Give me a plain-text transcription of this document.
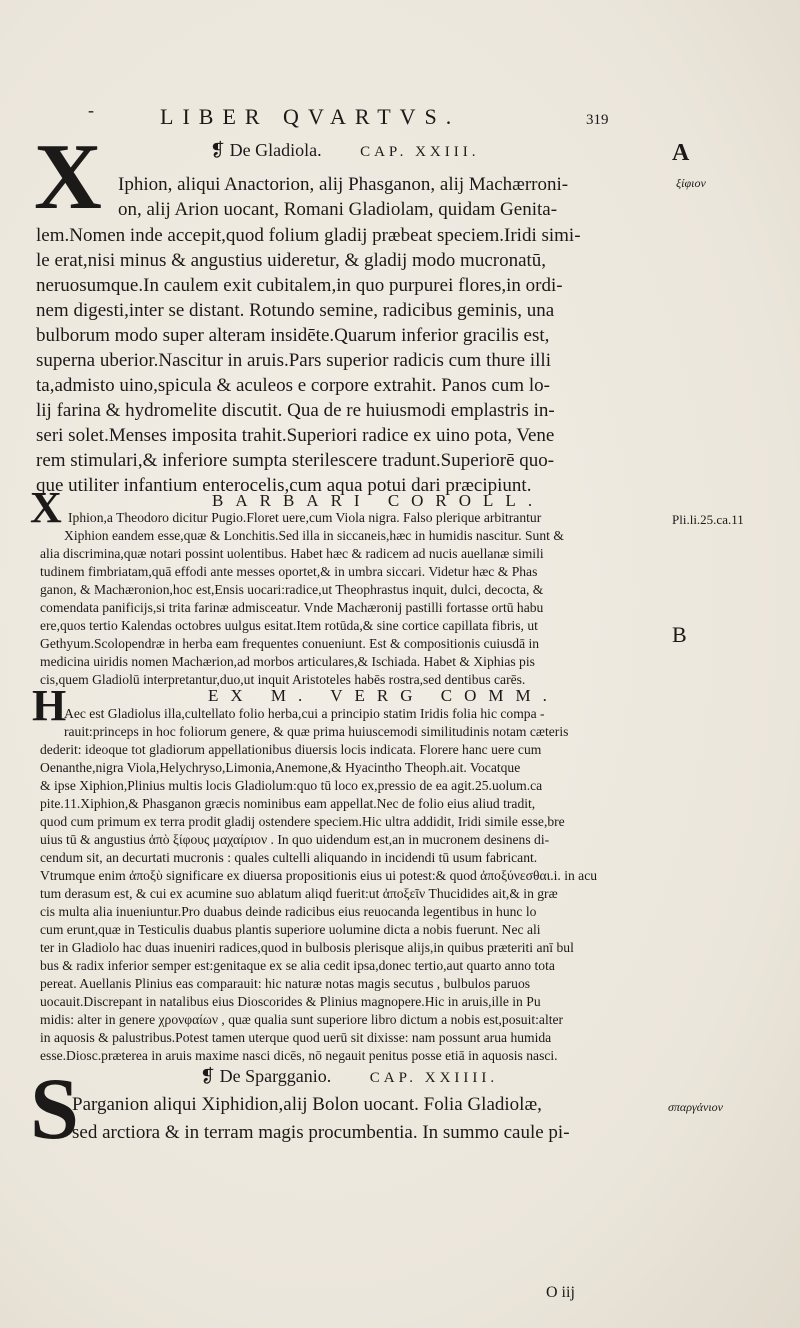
-	LIBER QVARTVS.	319
A
B
ξίφιον
Pli.li.25.ca.11
σπαργάνιον
❡ De Gladiola.	CAP. XXIII.
X Iphion, aliqui Anactorion, alij Phasganon, alij Machærroni-
on, alij Arion uocant, Romani Gladiolam, quidam Genita-
lem.Nomen inde accepit,quod folium gladij præbeat speciem.Iridi simi-
le erat,nisi minus & angustius uideretur, & gladij modo mucronatū,
neruosumque.In caulem exit cubitalem,in quo purpurei flores,in ordi-
nem digesti,inter se distant. Rotundo semine, radicibus geminis, una
bulborum modo super alteram insidēte.Quarum inferior gracilis est,
superna uberior.Nascitur in aruis.Pars superior radicis cum thure illi
ta,admisto uino,spicula & aculeos e corpore extrahit. Panos cum lo-
lij farina & hydromelite discutit. Qua de re huiusmodi emplastris in-
seri solet.Menses imposita trahit.Superiori radice ex uino pota, Vene
rem stimulari,& inferiore sumpta sterilescere tradunt.Superiorē quo-
que utiliter infantium enterocelis,cum aqua potui dari præcipiunt.
BARBARI COROLL.
X Iphion,a Theodoro dicitur Pugio.Floret uere,cum Viola nigra. Falso plerique arbitrantur
Xiphion eandem esse,quæ & Lonchitis.Sed illa in siccaneis,hæc in humidis nascitur. Sunt &
alia discrimina,quæ notari possint uolentibus. Habet hæc & radicem ad nucis auellanæ simili
tudinem fimbriatam,quā effodi ante messes oportet,& in umbra siccari. Videtur hæc & Phas
ganon, & Machæronion,hoc est,Ensis uocari:radice,ut Theophrastus inquit, dulci, decocta, &
comendata panificijs,si trita farinæ admisceatur. Vnde Machæronij pastilli fortasse ortū habu
ere,quos tertio Kalendas octobres uulgus esitat.Item rotūda,& sine cortice capillata fibris, ut
Gethyum.Scolopendræ in herba eam frequentes conueniunt. Est & compositionis cuiusdā in
medicina uiridis nomen Machærion,ad morbos articulares,& Ischiada. Habet & Xiphias pis
cis,quem Gladiolū interpretantur,duo,ut inquit Aristoteles habēs rostra,sed dentibus carēs.
EX M. VERG COMM.
H
Aec est Gladiolus illa,cultellato folio herba,cui a principio statim Iridis folia hic compa -
rauit:princeps in hoc foliorum genere, & quæ prima huiuscemodi similitudinis notam cæteris
dederit: ideoque tot gladiorum appellationibus diuersis locis indicata. Florere hanc uere cum
Oenanthe,nigra Viola,Helychryso,Limonia,Anemone,& Hyacintho Theoph.ait. Vocatque
& ipse Xiphion,Plinius multis locis Gladiolum:quo tū loco ex,pressio de ea agit.25.uolum.ca
pite.11.Xiphion,& Phasganon græcis nominibus eam appellat.Nec de folio eius aliud tradit,
quod cum primum ex terra prodit gladij ostendere speciem.Hic ultra addidit, Iridi simile esse,bre
uius tū & angustius ἀπὸ ξίφους μαχαίριον . In quo uidendum est,an in mucronem desinens di-
cendum sit, an decurtati mucronis : quales cultelli aliquando in incidendi tū usum fabricant.
Vtrumque enim ἀποξὺ significare ex diuersa propositionis eius ui potest:& quod ἀποξύνεσθαι.i. in acu
tum derasum est, & cui ex acumine suo ablatum aliqd fuerit:ut ἀποξεῖν Thucidides ait,& in græ
cis multa alia inueniuntur.Pro duabus deinde radicibus eius reuocanda legentibus in hunc lo
cum erunt,quæ in Testiculis duabus plantis superiore uolumine dicta a nobis fuerunt. Nec ali
ter in Gladiolo hac duas inueniri radices,quod in bulbosis plerisque alijs,in quibus præteriti anī bul
bus & radix inferior semper est:genitaque ex se alia cedit ipsa,donec tertio,aut quarto anno tota
pereat. Auellanis Plinius eas comparauit: hic naturæ notas magis secutus , bulbulos paruos
uocauit.Discrepant in natalibus eius Dioscorides & Plinius magnopere.Hic in aruis,ille in Pu
midis: alter in genere χρονφαίων , quæ qualia sunt superiore libro dictum a nobis est,posuit:alter
in aquosis & palustribus.Potest tamen uterque quod uerū sit dixisse: nam possunt arua humida
esse.Diosc.præterea in aruis maxime nasci dicēs, nō negauit penitus posse etiā in aquosis nasci.
❡ De Spargganio.	CAP. XXIIII.
S
Parganion aliqui Xiphidion,alij Bolon uocant. Folia Gladiolæ,
sed arctiora & in terram magis procumbentia. In summo caule pi-
O iij
